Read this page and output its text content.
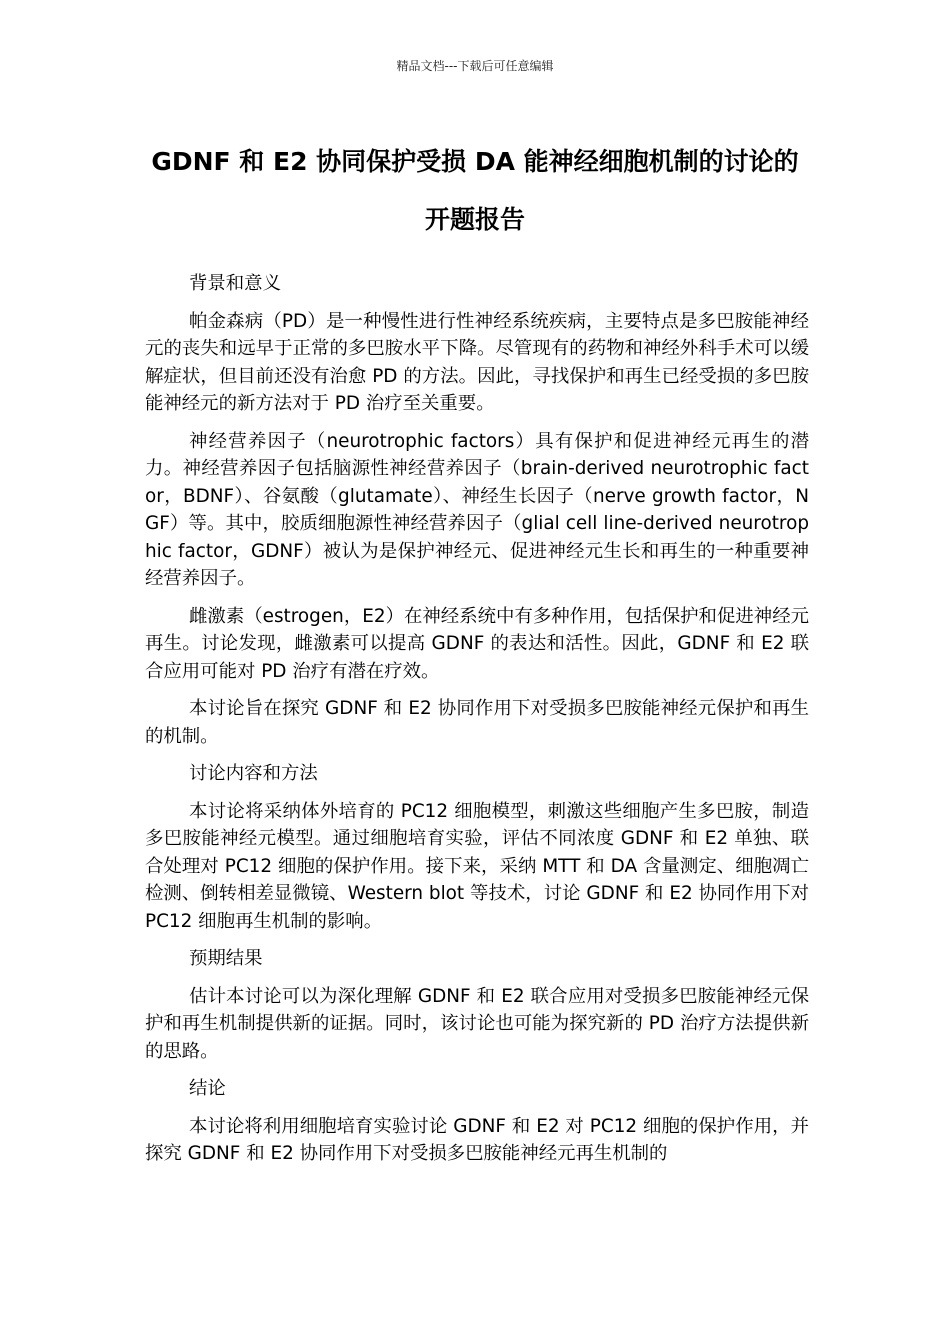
精品文档---下载后可任意编辑
GDNF 和 E2 协同保护受损 DA 能神经细胞机制的讨论的开题报告

背景和意义

帕金森病（PD）是一种慢性进行性神经系统疾病，主要特点是多巴胺能神经元的丧失和远早于正常的多巴胺水平下降。尽管现有的药物和神经外科手术可以缓解症状，但目前还没有治愈 PD 的方法。因此，寻找保护和再生已经受损的多巴胺能神经元的新方法对于 PD 治疗至关重要。

神经营养因子（neurotrophic factors）具有保护和促进神经元再生的潜力。神经营养因子包括脑源性神经营养因子（brain-derived neurotrophic factor，BDNF）、谷氨酸（glutamate）、神经生长因子（nerve growth factor，NGF）等。其中，胶质细胞源性神经营养因子（glial cell line-derived neurotrophic factor，GDNF）被认为是保护神经元、促进神经元生长和再生的一种重要神经营养因子。

雌激素（estrogen，E2）在神经系统中有多种作用，包括保护和促进神经元再生。讨论发现，雌激素可以提高 GDNF 的表达和活性。因此，GDNF 和 E2 联合应用可能对 PD 治疗有潜在疗效。

本讨论旨在探究 GDNF 和 E2 协同作用下对受损多巴胺能神经元保护和再生的机制。

讨论内容和方法

本讨论将采纳体外培育的 PC12 细胞模型，刺激这些细胞产生多巴胺，制造多巴胺能神经元模型。通过细胞培育实验，评估不同浓度 GDNF 和 E2 单独、联合处理对 PC12 细胞的保护作用。接下来，采纳 MTT 和 DA 含量测定、细胞凋亡检测、倒转相差显微镜、Western blot 等技术，讨论 GDNF 和 E2 协同作用下对 PC12 细胞再生机制的影响。

预期结果

估计本讨论可以为深化理解 GDNF 和 E2 联合应用对受损多巴胺能神经元保护和再生机制提供新的证据。同时，该讨论也可能为探究新的 PD 治疗方法提供新的思路。

结论

本讨论将利用细胞培育实验讨论 GDNF 和 E2 对 PC12 细胞的保护作用，并探究 GDNF 和 E2 协同作用下对受损多巴胺能神经元再生机制的
